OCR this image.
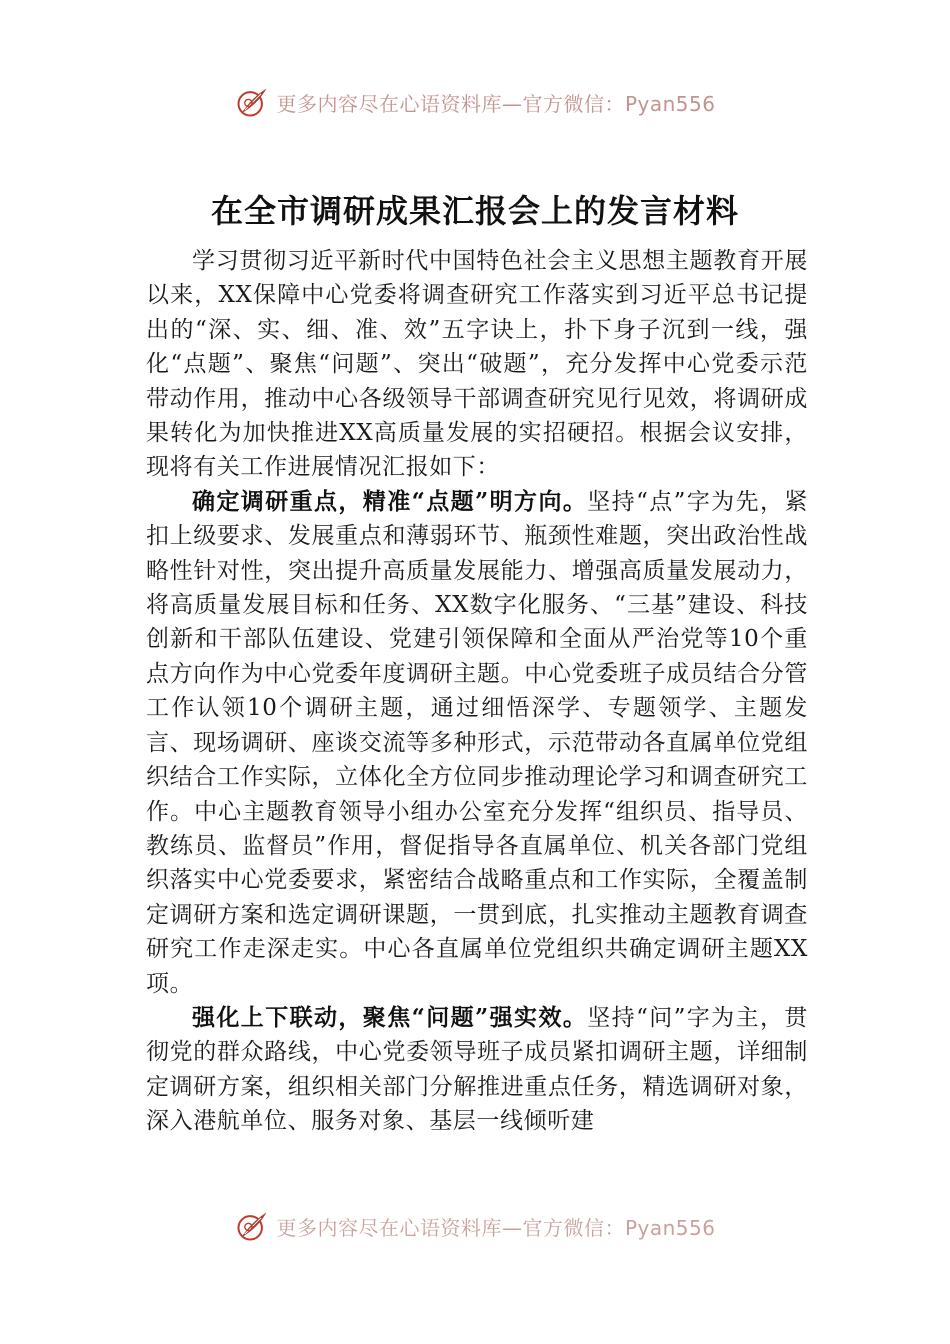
更多内容尽在心语资料库—官方微信：Pyan556
在全市调研成果汇报会上的发言材料

学习贯彻习近平新时代中国特色社会主义思想主题教育开展以来，XX保障中心党委将调查研究工作落实到习近平总书记提出的“深、实、细、准、效”五字诀上，扑下身子沉到一线，强化“点题”、聚焦“问题”、突出“破题”，充分发挥中心党委示范带动作用，推动中心各级领导干部调查研究见行见效，将调研成果转化为加快推进XX高质量发展的实招硬招。根据会议安排，现将有关工作进展情况汇报如下：

确定调研重点，精准“点题”明方向。坚持“点”字为先，紧扣上级要求、发展重点和薄弱环节、瓶颈性难题，突出政治性战略性针对性，突出提升高质量发展能力、增强高质量发展动力，将高质量发展目标和任务、XX数字化服务、“三基”建设、科技创新和干部队伍建设、党建引领保障和全面从严治党等10个重点方向作为中心党委年度调研主题。中心党委班子成员结合分管工作认领10个调研主题，通过细悟深学、专题领学、主题发言、现场调研、座谈交流等多种形式，示范带动各直属单位党组织结合工作实际，立体化全方位同步推动理论学习和调查研究工作。中心主题教育领导小组办公室充分发挥“组织员、指导员、教练员、监督员”作用，督促指导各直属单位、机关各部门党组织落实中心党委要求，紧密结合战略重点和工作实际，全覆盖制定调研方案和选定调研课题，一贯到底，扎实推动主题教育调查研究工作走深走实。中心各直属单位党组织共确定调研主题XX项。

强化上下联动，聚焦“问题”强实效。坚持“问”字为主，贯彻党的群众路线，中心党委领导班子成员紧扣调研主题，详细制定调研方案，组织相关部门分解推进重点任务，精选调研对象，深入港航单位、服务对象、基层一线倾听建

更多内容尽在心语资料库—官方微信：Pyan556
